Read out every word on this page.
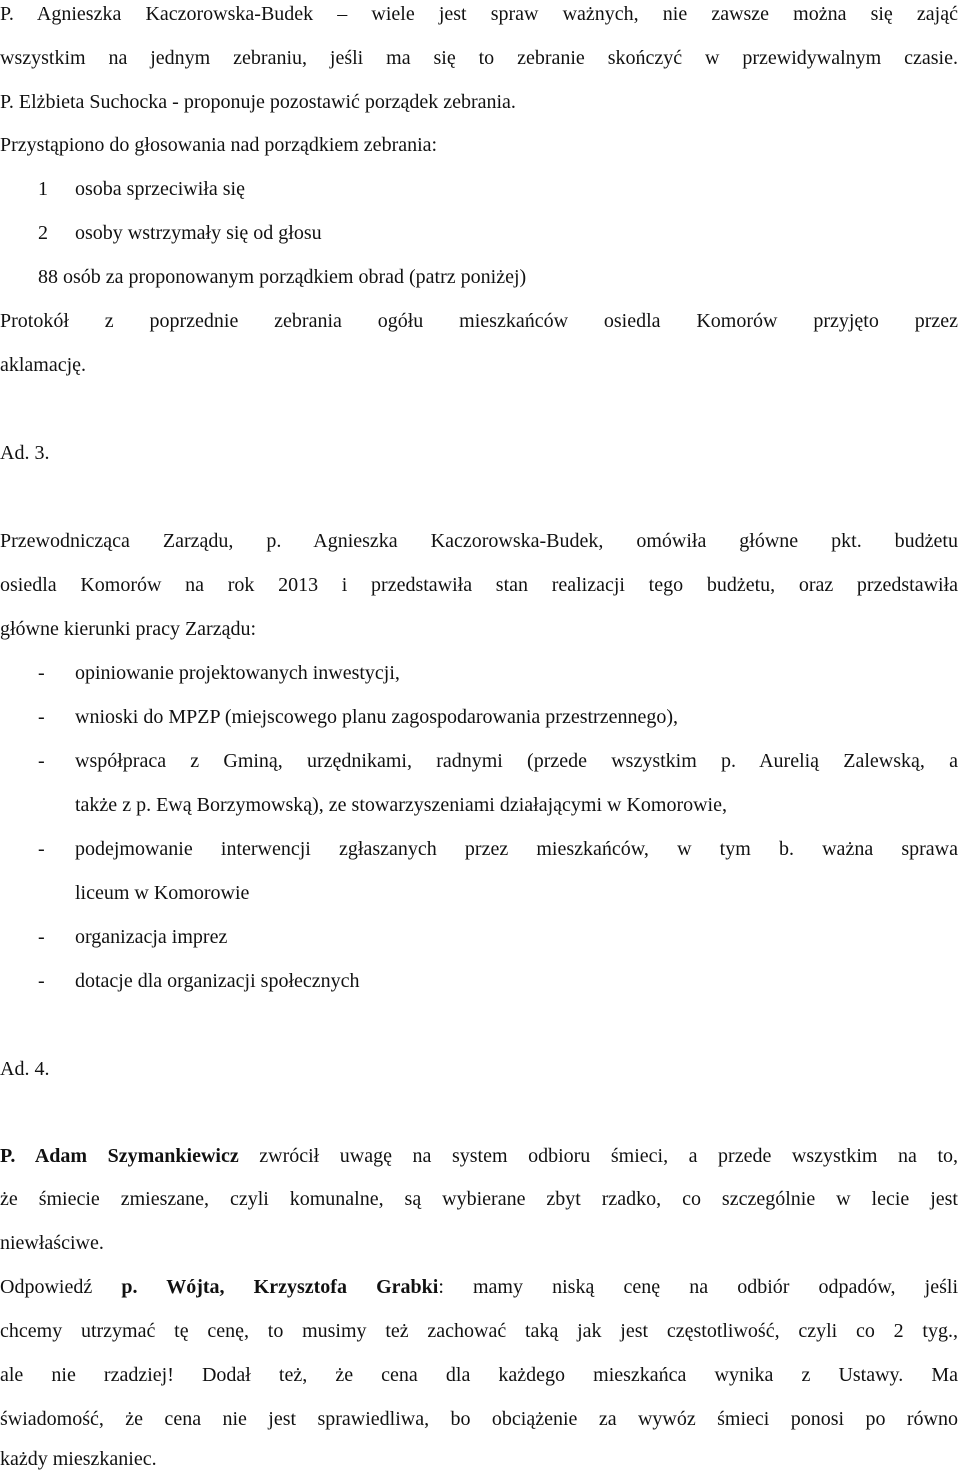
P. Agnieszka Kaczorowska-Budek – wiele jest spraw ważnych, nie zawsze można się zająć
wszystkim na jednym zebraniu, jeśli ma się to zebranie skończyć w przewidywalnym czasie.
P. Elżbieta Suchocka - proponuje pozostawić porządek zebrania.
Przystąpiono do głosowania nad porządkiem zebrania:
1 osoba sprzeciwiła się
2 osoby wstrzymały się od głosu
88 osób za proponowanym porządkiem obrad (patrz poniżej)
Protokół z poprzednie zebrania ogółu mieszkańców osiedla Komorów przyjęto przez
aklamację.
Ad. 3.
Przewodnicząca Zarządu, p. Agnieszka Kaczorowska-Budek, omówiła główne pkt. budżetu
osiedla Komorów na rok 2013 i przedstawiła stan realizacji tego budżetu, oraz przedstawiła
główne kierunki pracy Zarządu:
- opiniowanie projektowanych inwestycji,
- wnioski do MPZP (miejscowego planu zagospodarowania przestrzennego),
- współpraca z Gminą, urzędnikami, radnymi (przede wszystkim p. Aurelią Zalewską, a
także z p. Ewą Borzymowską), ze stowarzyszeniami działającymi w Komorowie,
- podejmowanie interwencji zgłaszanych przez mieszkańców, w tym b. ważna sprawa
liceum w Komorowie
- organizacja imprez
- dotacje dla organizacji społecznych
Ad. 4.
P. Adam Szymankiewicz zwrócił uwagę na system odbioru śmieci, a przede wszystkim na to,
że śmiecie zmieszane, czyli komunalne, są wybierane zbyt rzadko, co szczególnie w lecie jest
niewłaściwe.
Odpowiedź p. Wójta, Krzysztofa Grabki: mamy niską cenę na odbiór odpadów, jeśli
chcemy utrzymać tę cenę, to musimy też zachować taką jak jest częstotliwość, czyli co 2 tyg.,
ale nie rzadziej! Dodał też, że cena dla każdego mieszkańca wynika z Ustawy. Ma
świadomość, że cena nie jest sprawiedliwa, bo obciążenie za wywóz śmieci ponosi po równo
każdy mieszkaniec.
